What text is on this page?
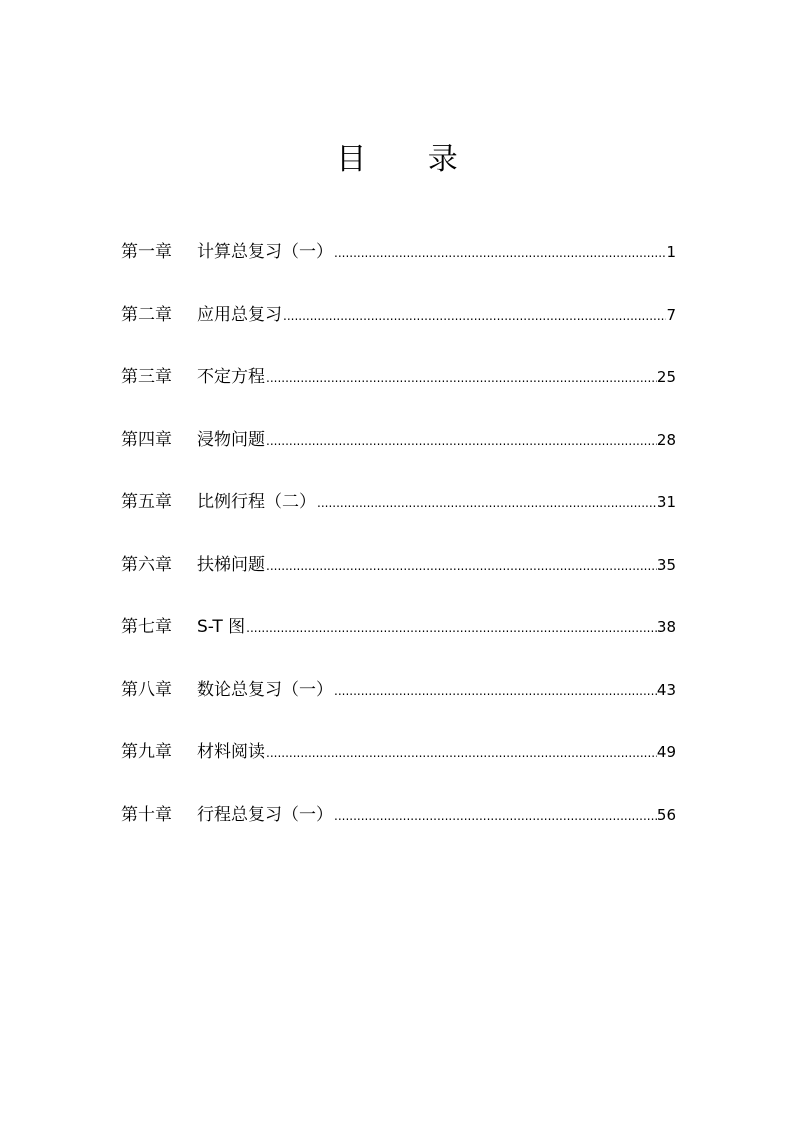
目 录
第一章	计算总复习（一） .....	1
第二章	应用总复习 .....	7
第三章	不定方程 .....	25
第四章	浸物问题 .....	28
第五章	比例行程（二） .....	31
第六章	扶梯问题 .....	35
第七章	S-T 图 .....	38
第八章	数论总复习（一） .....	43
第九章	材料阅读 .....	49
第十章	行程总复习（一） .....	56
